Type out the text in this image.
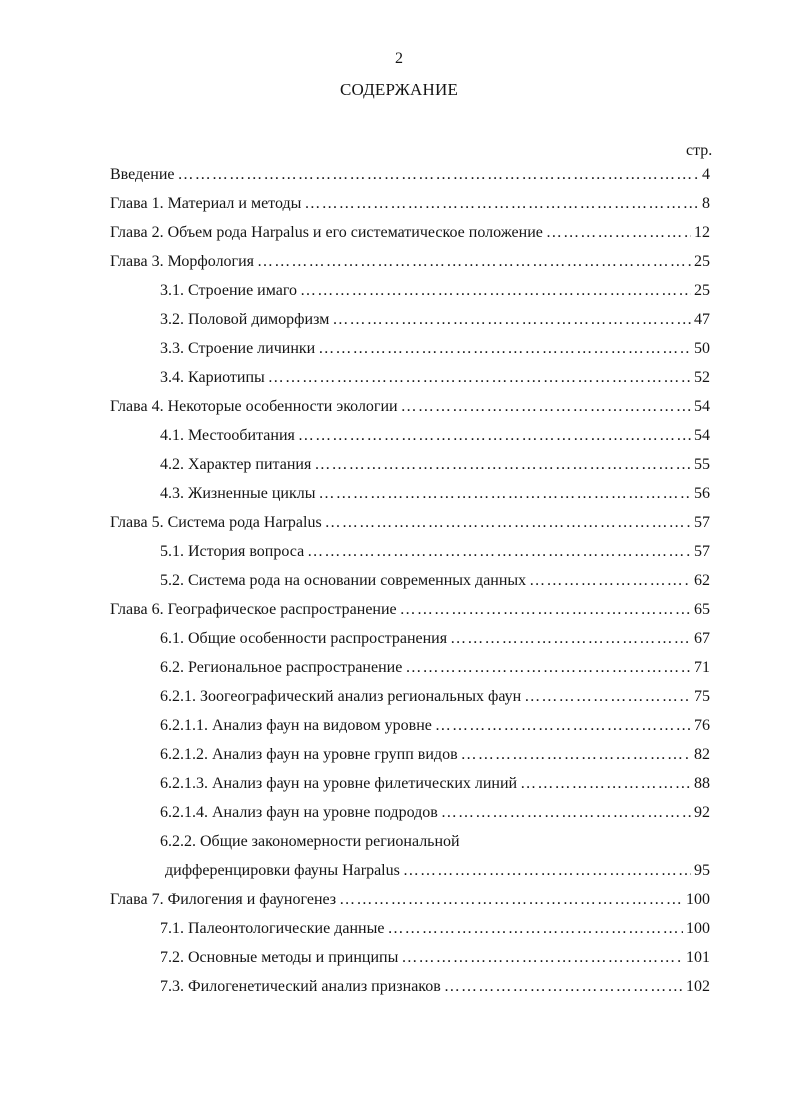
2
СОДЕРЖАНИЕ
стр.
Введение …………………………………………………………………………………………………………………………………………	4
Глава 1. Материал и методы …………………………………………………………………………………………………………………………………………	8
Глава 2. Объем рода Harpalus и его систематическое положение …………………………………………………………………………………………………………………………………………	12
Глава 3. Морфология …………………………………………………………………………………………………………………………………………	25
3.1. Строение имаго …………………………………………………………………………………………………………………………………………	25
3.2. Половой диморфизм …………………………………………………………………………………………………………………………………………	47
3.3. Строение личинки …………………………………………………………………………………………………………………………………………	50
3.4. Кариотипы …………………………………………………………………………………………………………………………………………	52
Глава 4. Некоторые особенности экологии …………………………………………………………………………………………………………………………………………	54
4.1. Местообитания …………………………………………………………………………………………………………………………………………	54
4.2. Характер питания …………………………………………………………………………………………………………………………………………	55
4.3. Жизненные циклы …………………………………………………………………………………………………………………………………………	56
Глава 5. Система рода Harpalus …………………………………………………………………………………………………………………………………………	57
5.1. История вопроса …………………………………………………………………………………………………………………………………………	57
5.2. Система рода на основании современных данных …………………………………………………………………………………………………………………………………………	62
Глава 6. Географическое распространение …………………………………………………………………………………………………………………………………………	65
6.1. Общие особенности распространения …………………………………………………………………………………………………………………………………………	67
6.2. Региональное распространение …………………………………………………………………………………………………………………………………………	71
6.2.1. Зоогеографический анализ региональных фаун …………………………………………………………………………………………………………………………………………	75
6.2.1.1. Анализ фаун на видовом уровне …………………………………………………………………………………………………………………………………………	76
6.2.1.2. Анализ фаун на уровне групп видов …………………………………………………………………………………………………………………………………………	82
6.2.1.3. Анализ фаун на уровне филетических линий …………………………………………………………………………………………………………………………………………	88
6.2.1.4. Анализ фаун на уровне подродов …………………………………………………………………………………………………………………………………………	92
6.2.2. Общие закономерности региональной
дифференцировки фауны Harpalus …………………………………………………………………………………………………………………………………………	95
Глава 7. Филогения и фауногенез …………………………………………………………………………………………………………………………………………	100
7.1. Палеонтологические данные …………………………………………………………………………………………………………………………………………	100
7.2. Основные методы и принципы …………………………………………………………………………………………………………………………………………	101
7.3. Филогенетический анализ признаков …………………………………………………………………………………………………………………………………………	102
